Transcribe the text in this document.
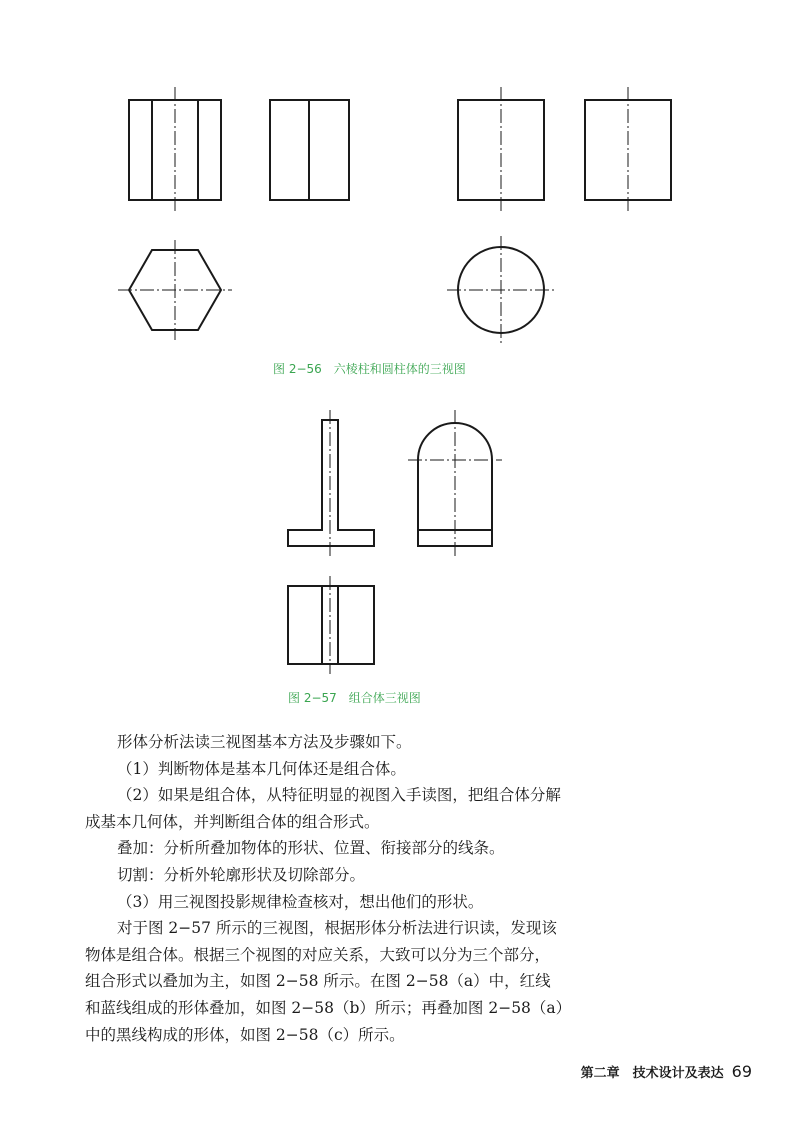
图 2−56　六棱柱和圆柱体的三视图
图 2−57　组合体三视图

形体分析法读三视图基本方法及步骤如下。

（1）判断物体是基本几何体还是组合体。

（2）如果是组合体，从特征明显的视图入手读图，把组合体分解成基本几何体，并判断组合体的组合形式。

叠加：分析所叠加物体的形状、位置、衔接部分的线条。

切割：分析外轮廓形状及切除部分。

（3）用三视图投影规律检查核对，想出他们的形状。

对于图 2−57 所示的三视图，根据形体分析法进行识读，发现该物体是组合体。根据三个视图的对应关系，大致可以分为三个部分，组合形式以叠加为主，如图 2−58 所示。在图 2−58（a）中，红线和蓝线组成的形体叠加，如图 2−58（b）所示；再叠加图 2−58（a）中的黑线构成的形体，如图 2−58（c）所示。

第二章　技术设计及表达 69
